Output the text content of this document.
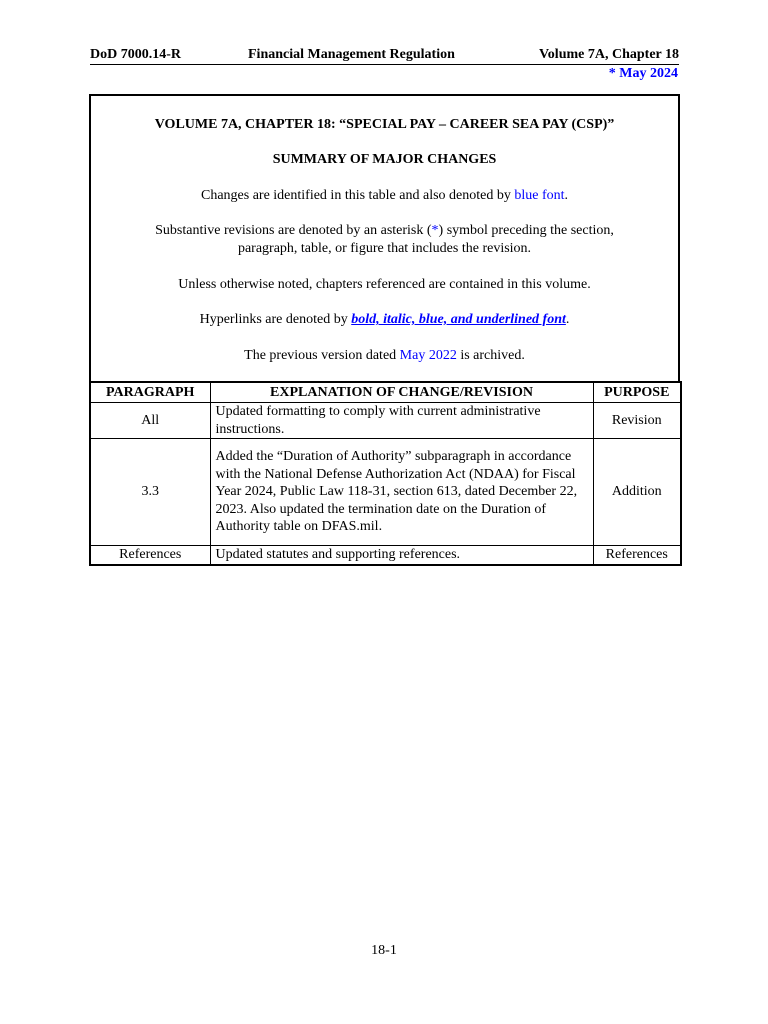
DoD 7000.14-R	Financial Management Regulation	Volume 7A, Chapter 18
* May 2024

VOLUME 7A, CHAPTER 18: “SPECIAL PAY – CAREER SEA PAY (CSP)”

SUMMARY OF MAJOR CHANGES

Changes are identified in this table and also denoted by blue font.

Substantive revisions are denoted by an asterisk (*) symbol preceding the section,

paragraph, table, or figure that includes the revision.

Unless otherwise noted, chapters referenced are contained in this volume.

Hyperlinks are denoted by bold, italic, blue, and underlined font.

The previous version dated May 2022 is archived.

PARAGRAPH	EXPLANATION OF CHANGE/REVISION	PURPOSE
All	Updated formatting to comply with current administrative instructions.	Revision
3.3	Added the “Duration of Authority” subparagraph in accordance with the National Defense Authorization Act (NDAA) for Fiscal Year 2024, Public Law 118-31, section 613, dated December 22, 2023. Also updated the termination date on the Duration of Authority table on DFAS.mil.	Addition
References	Updated statutes and supporting references.	References
18-1
